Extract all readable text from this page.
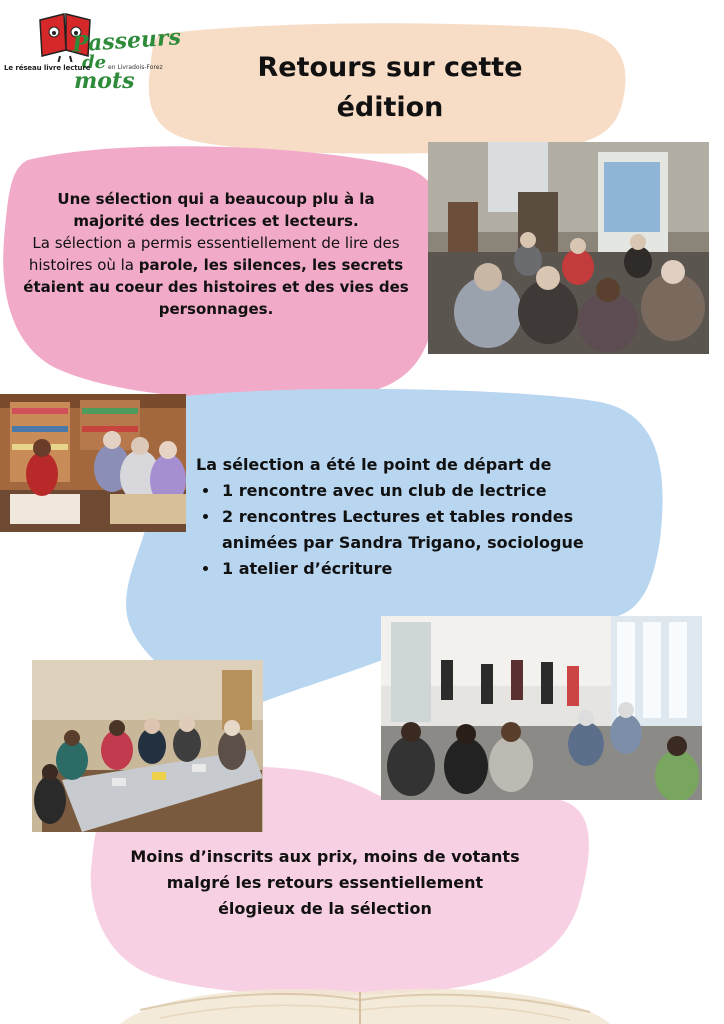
Passeurs
de
mots
Le réseau livre lecture	en Livradois-Forez	Retours sur cette
édition
Une sélection qui a beaucoup plu à la
majorité des lectrices et lecteurs.
La sélection a permis essentiellement de lire des histoires où la parole, les silences, les secrets étaient au coeur des histoires et des vies des personnages.
La sélection a été le point de départ de
• 1 rencontre avec un club de lectrice
• 2 rencontres Lectures et tables rondes animées par Sandra Trigano, sociologue
• 1 atelier d’écriture
Moins d’inscrits aux prix, moins de votants
malgré les retours essentiellement
élogieux de la sélection
